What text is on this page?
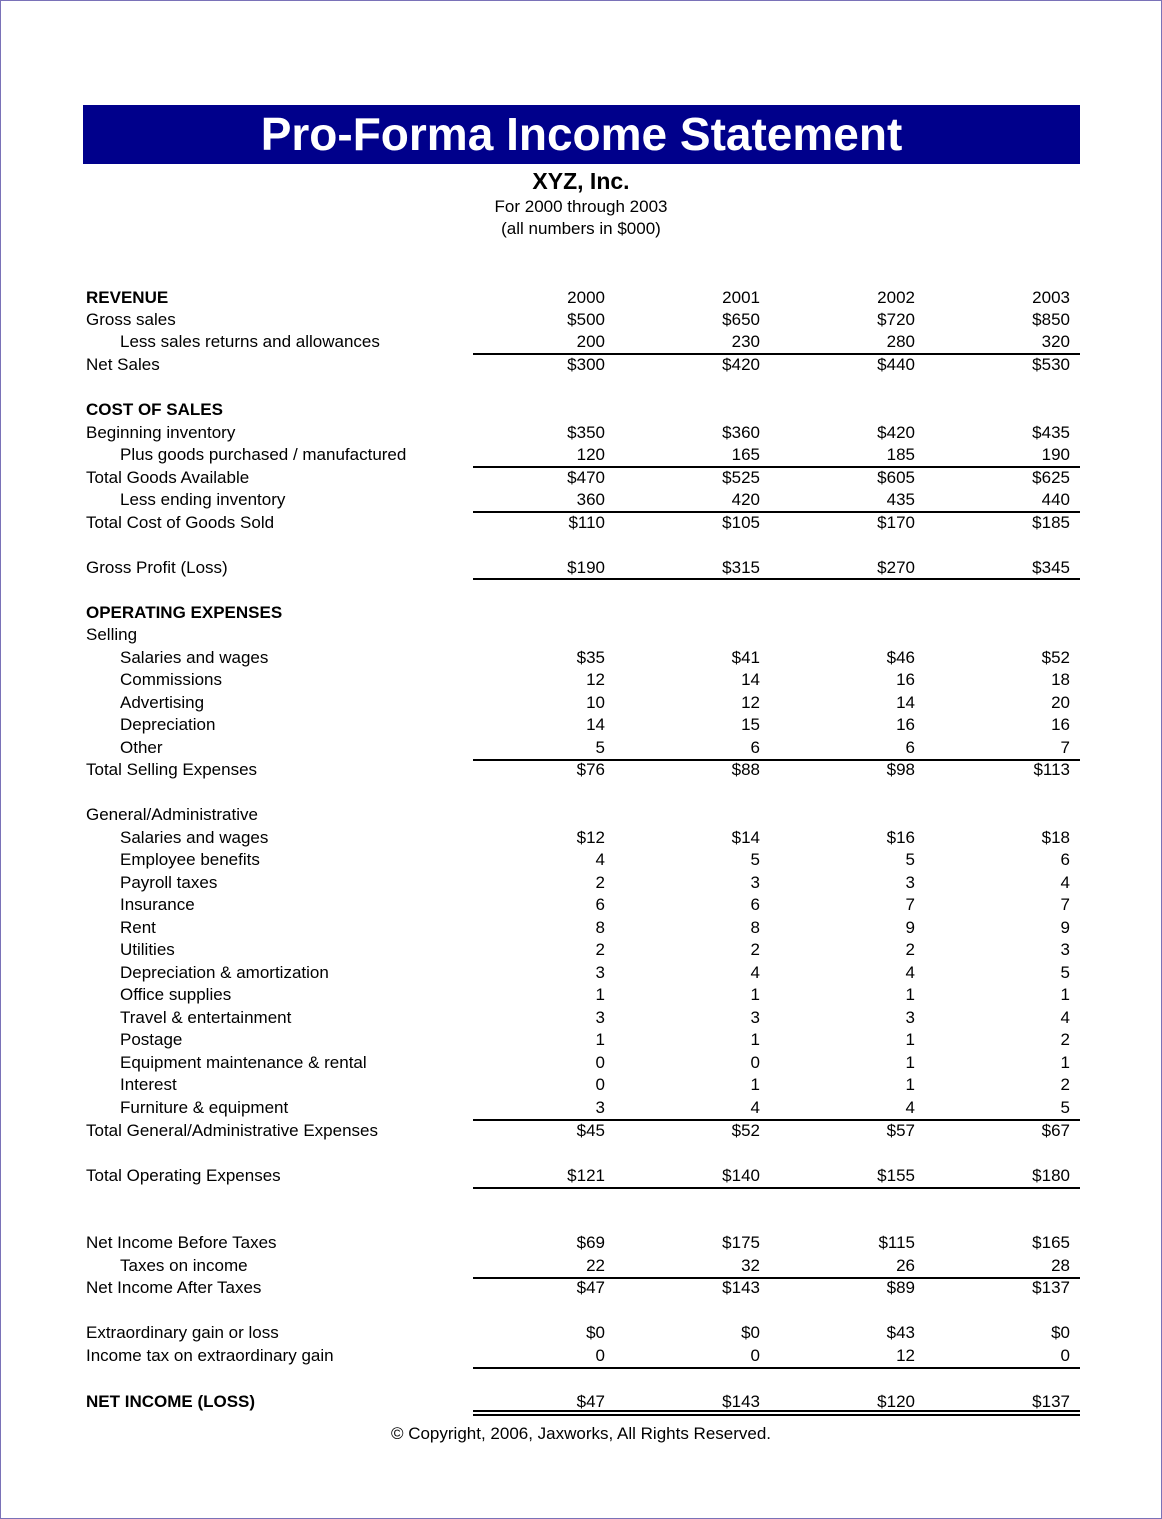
Pro-Forma Income Statement
XYZ, Inc.
For 2000 through 2003
(all numbers in $000)
REVENUE	2000	2001	2002	2003
Gross sales	$500	$650	$720	$850
Less sales returns and allowances	200	230	280	320
Net Sales	$300	$420	$440	$530
COST OF SALES
Beginning inventory	$350	$360	$420	$435
Plus goods purchased / manufactured	120	165	185	190
Total Goods Available	$470	$525	$605	$625
Less ending inventory	360	420	435	440
Total Cost of Goods Sold	$110	$105	$170	$185
Gross Profit (Loss)	$190	$315	$270	$345
OPERATING EXPENSES
Selling
Salaries and wages	$35	$41	$46	$52
Commissions	12	14	16	18
Advertising	10	12	14	20
Depreciation	14	15	16	16
Other	5	6	6	7
Total Selling Expenses	$76	$88	$98	$113
General/Administrative
Salaries and wages	$12	$14	$16	$18
Employee benefits	4	5	5	6
Payroll taxes	2	3	3	4
Insurance	6	6	7	7
Rent	8	8	9	9
Utilities	2	2	2	3
Depreciation & amortization	3	4	4	5
Office supplies	1	1	1	1
Travel & entertainment	3	3	3	4
Postage	1	1	1	2
Equipment maintenance & rental	0	0	1	1
Interest	0	1	1	2
Furniture & equipment	3	4	4	5
Total General/Administrative Expenses	$45	$52	$57	$67
Total Operating Expenses	$121	$140	$155	$180
Net Income Before Taxes	$69	$175	$115	$165
Taxes on income	22	32	26	28
Net Income After Taxes	$47	$143	$89	$137
Extraordinary gain or loss	$0	$0	$43	$0
Income tax on extraordinary gain	0	0	12	0
NET INCOME (LOSS)	$47	$143	$120	$137
© Copyright, 2006, Jaxworks, All Rights Reserved.
